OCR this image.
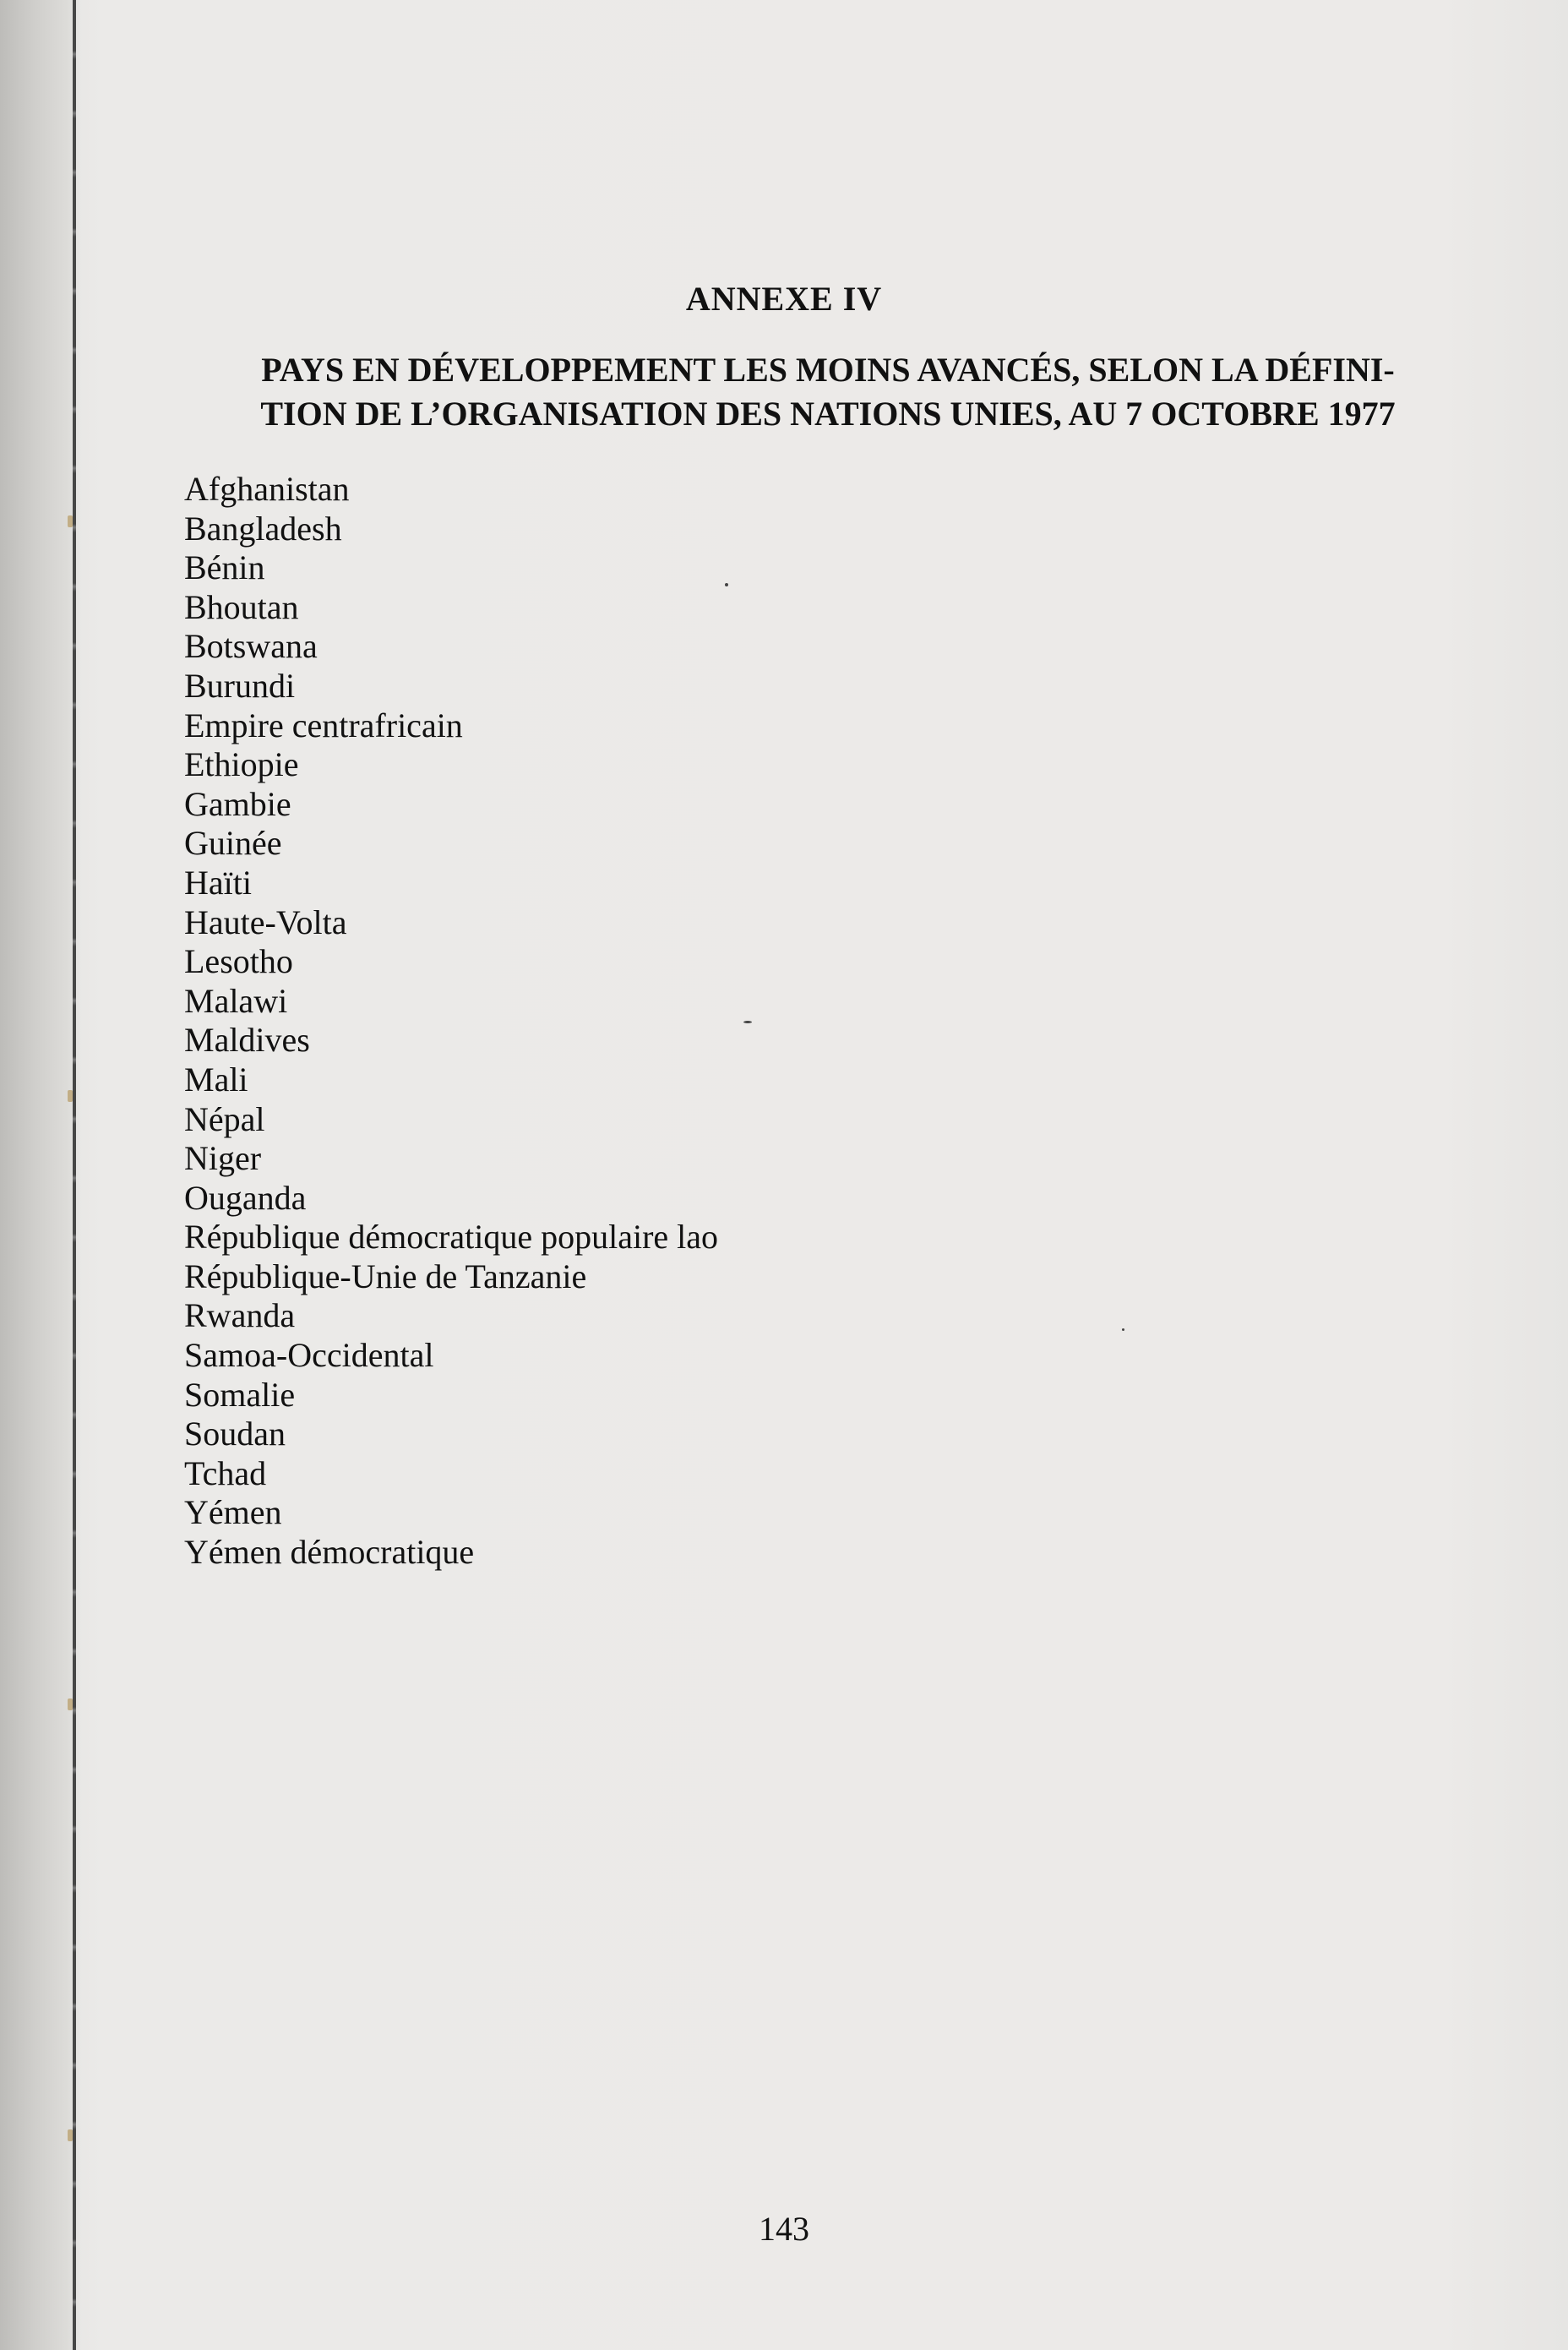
ANNEXE IV
PAYS EN DÉVELOPPEMENT LES MOINS AVANCÉS, SELON LA DÉFINI-
TION DE L’ORGANISATION DES NATIONS UNIES, AU 7 OCTOBRE 1977
Afghanistan
Bangladesh
Bénin
Bhoutan
Botswana
Burundi
Empire centrafricain
Ethiopie
Gambie
Guinée
Haïti
Haute-Volta
Lesotho
Malawi
Maldives
Mali
Népal
Niger
Ouganda
République démocratique populaire lao
République-Unie de Tanzanie
Rwanda
Samoa-Occidental
Somalie
Soudan
Tchad
Yémen
Yémen démocratique
143
